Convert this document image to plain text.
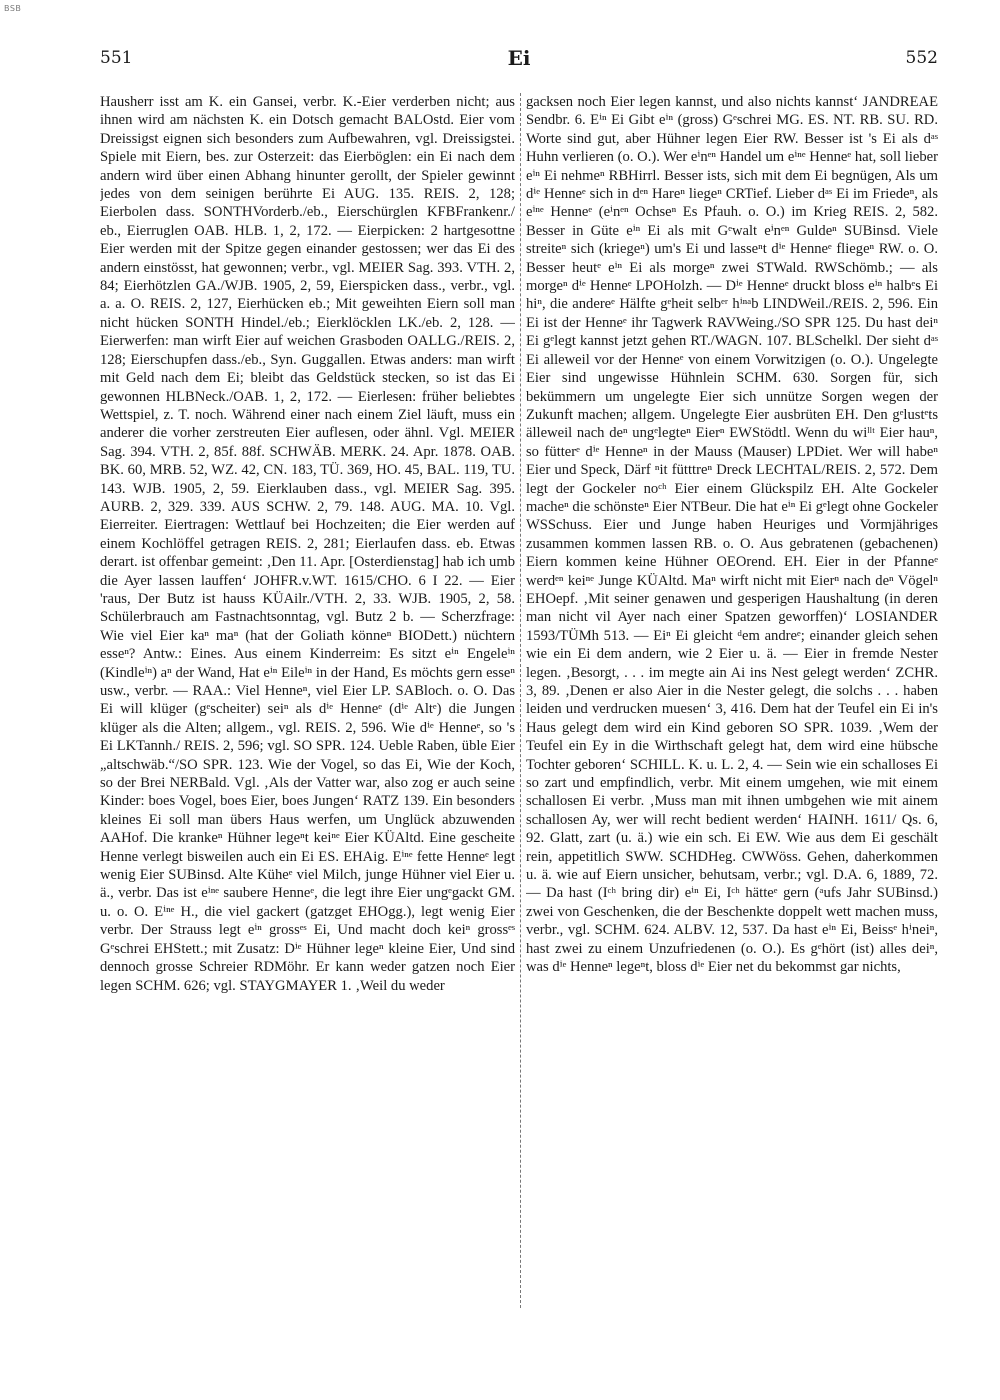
BSB
551	Ei	552

Hausherr isst am K. ein Gansei, verbr. K.-Eier verderben nicht; aus ihnen wird am nächsten K. ein Dotsch gemacht BALOstd. Eier vom Dreissigst eignen sich besonders zum Aufbewahren, vgl. Dreissigstei. Spiele mit Eiern, bes. zur Osterzeit: das Eierböglen: ein Ei nach dem andern wird über einen Abhang hinunter gerollt, der Spieler gewinnt jedes von dem seinigen berührte Ei AUG. 135. REIS. 2, 128; Eierbolen dass. SONTHVorderb./eb., Eierschürglen KFBFrankenr./ eb., Eierruglen OAB. HLB. 1, 2, 172. — Eierpicken: 2 hartgesottne Eier werden mit der Spitze gegen einander gestossen; wer das Ei des andern einstösst, hat gewonnen; verbr., vgl. MEIER Sag. 393. VTH. 2, 84; Eierhötzlen GA./WJB. 1905, 2, 59, Eierspicken dass., verbr., vgl. a. a. O. REIS. 2, 127, Eierhücken eb.; Mit geweihten Eiern soll man nicht hücken SONTH Hindel./eb.; Eierklöcklen LK./eb. 2, 128. — Eierwerfen: man wirft Eier auf weichen Grasboden OALLG./REIS. 2, 128; Eierschupfen dass./eb., Syn. Guggallen. Etwas anders: man wirft mit Geld nach dem Ei; bleibt das Geldstück stecken, so ist das Ei gewonnen HLBNeck./OAB. 1, 2, 172. — Eierlesen: früher beliebtes Wettspiel, z. T. noch. Während einer nach einem Ziel läuft, muss ein anderer die vorher zerstreuten Eier auflesen, oder ähnl. Vgl. MEIER Sag. 394. VTH. 2, 85f. 88f. SCHWÄB. MERK. 24. Apr. 1878. OAB. BK. 60, MRB. 52, WZ. 42, CN. 183, TÜ. 369, HO. 45, BAL. 119, TU. 143. WJB. 1905, 2, 59. Eierklauben dass., vgl. MEIER Sag. 395. AURB. 2, 329. 339. AUS SCHW. 2, 79. 148. AUG. MA. 10. Vgl. Eierreiter. Eiertragen: Wettlauf bei Hochzeiten; die Eier werden auf einem Kochlöffel getragen REIS. 2, 281; Eierlaufen dass. eb. Etwas derart. ist offenbar gemeint: ‚Den 11. Apr. [Osterdienstag] hab ich umb die Ayer lassen lauffen‘ JOHFR.v.WT. 1615/CHO. 6 I 22. — Eier 'raus, Der Butz ist hauss KÜAilr./VTH. 2, 33. WJB. 1905, 2, 58. Schülerbrauch am Fastnachtsonntag, vgl. Butz 2 b. — Scherzfrage: Wie viel Eier kaⁿ maⁿ (hat der Goliath könneⁿ BIODett.) nüchtern esseⁿ? Antw.: Eines. Aus einem Kinderreim: Es sitzt eⁱⁿ Engeleⁱⁿ (Kindleⁱⁿ) aⁿ der Wand, Hat eⁱⁿ Eileⁱⁿ in der Hand, Es möchts gern esseⁿ usw., verbr. — RAA.: Viel Henneⁿ, viel Eier LP. SABloch. o. O. Das Ei will klüger (gᵉscheiter) seiⁿ als dⁱᵉ Henneᵉ (dⁱᵉ Altᵉ) die Jungen klüger als die Alten; allgem., vgl. REIS. 2, 596. Wie dⁱᵉ Henneᵉ, so 's Ei LKTannh./ REIS. 2, 596; vgl. SO SPR. 124. Ueble Raben, üble Eier „altschwäb.“/SO SPR. 123. Wie der Vogel, so das Ei, Wie der Koch, so der Brei NERBald. Vgl. ‚Als der Vatter war, also zog er auch seine Kinder: boes Vogel, boes Eier, boes Jungen‘ RATZ 139. Ein besonders kleines Ei soll man übers Haus werfen, um Unglück abzuwenden AAHof. Die krankeⁿ Hühner legeⁿt keiⁿᵉ Eier KÜAltd. Eine gescheite Henne verlegt bisweilen auch ein Ei ES. EHAig. Eⁱⁿᵉ fette Henneᵉ legt wenig Eier SUBinsd. Alte Küheᵉ viel Milch, junge Hühner viel Eier u. ä., verbr. Das ist eⁱⁿᵉ saubere Henneᵉ, die legt ihre Eier ungᵉgackt GM. u. o. O. Eⁱⁿᵉ H., die viel gackert (gatzget EHOgg.), legt wenig Eier verbr. Der Strauss legt eⁱⁿ grossᵉˢ Ei, Und macht doch keiⁿ grossᵉˢ Gᵉschrei EHStett.; mit Zusatz: Dⁱᵉ Hühner legeⁿ kleine Eier, Und sind dennoch grosse Schreier RDMöhr. Er kann weder gatzen noch Eier legen SCHM. 626; vgl. STAYGMAYER 1. ‚Weil du weder

gacksen noch Eier legen kannst, und also nichts kannst‘ JANDREAE Sendbr. 6. Eⁱⁿ Ei Gibt eⁱⁿ (gross) Gᵉschrei MG. ES. NT. RB. SU. RD. Worte sind gut, aber Hühner legen Eier RW. Besser ist 's Ei als dᵃˢ Huhn verlieren (o. O.). Wer eⁱnᵉⁿ Handel um eⁱⁿᵉ Henneᵉ hat, soll lieber eⁱⁿ Ei nehmeⁿ RBHirrl. Besser ists, sich mit dem Ei begnügen, Als um dⁱᵉ Henneᵉ sich in dᵉⁿ Hareⁿ liegeⁿ CRTief. Lieber dᵃˢ Ei im Friedeⁿ, als eⁱⁿᵉ Henneᵉ (eⁱnᵉⁿ Ochseⁿ Es Pfauh. o. O.) im Krieg REIS. 2, 582. Besser in Güte eⁱⁿ Ei als mit Gᵉwalt eⁱnᵉⁿ Guldeⁿ SUBinsd. Viele streiteⁿ sich (kriegeⁿ) um's Ei und lasseⁿt dⁱᵉ Henneᵉ fliegeⁿ RW. o. O. Besser heutᵉ eⁱⁿ Ei als morgeⁿ zwei STWald. RWSchömb.; — als morgeⁿ dⁱᵉ Henneᵉ LPOHolzh. — Dⁱᵉ Henneᵉ druckt bloss eⁱⁿ halbᵉs Ei hiⁿ, die andereᵉ Hälfte gᵉheit selbᵉʳ hⁱⁿᵃb LINDWeil./REIS. 2, 596. Ein Ei ist der Henneᵉ ihr Tagwerk RAVWeing./SO SPR 125. Du hast deiⁿ Ei gᵉlegt kannst jetzt gehen RT./WAGN. 107. BLSchelkl. Der sieht dᵃˢ Ei alleweil vor der Henneᵉ von einem Vorwitzigen (o. O.). Ungelegte Eier sind ungewisse Hühnlein SCHM. 630. Sorgen für, sich bekümmern um ungelegte Eier sich unnütze Sorgen wegen der Zukunft machen; allgem. Ungelegte Eier ausbrüten EH. Den gᵉlustᵉts älleweil nach deⁿ ungᵉlegteⁿ Eierⁿ EWStödtl. Wenn du wiˡˡᵗ Eier hauⁿ, so fütterᵉ dⁱᵉ Henneⁿ in der Mauss (Mauser) LPDiet. Wer will habeⁿ Eier und Speck, Därf ⁿit fütttreⁿ Dreck LECHTAL/REIS. 2, 572. Dem legt der Gockeler noᶜʰ Eier einem Glückspilz EH. Alte Gockeler macheⁿ die schönsteⁿ Eier NTBeur. Die hat eⁱⁿ Ei gᵉlegt ohne Gockeler WSSchuss. Eier und Junge haben Heuriges und Vormjähriges zusammen kommen lassen RB. o. O. Aus gebratenen (gebachenen) Eiern kommen keine Hühner OEOrend. EH. Eier in der Pfanneᵉ werdᵉⁿ keiⁿᵉ Junge KÜAltd. Maⁿ wirft nicht mit Eierⁿ nach deⁿ Vögelⁿ EHOepf. ‚Mit seiner genawen und gesperigen Haushaltung (in deren man nicht vil Ayer nach einer Spatzen geworffen)‘ LOSIANDER 1593/TÜMh 513. — Eiⁿ Ei gleicht ᵈem andreᵉ; einander gleich sehen wie ein Ei dem andern, wie 2 Eier u. ä. — Eier in fremde Nester legen. ‚Besorgt, . . . im megte ain Ai ins Nest gelegt werden‘ ZCHR. 3, 89. ‚Denen er also Aier in die Nester gelegt, die solchs . . . haben leiden und verdrucken muesen‘ 3, 416. Dem hat der Teufel ein Ei in's Haus gelegt dem wird ein Kind geboren SO SPR. 1039. ‚Wem der Teufel ein Ey in die Wirthschaft gelegt hat, dem wird eine hübsche Tochter geboren‘ SCHILL. K. u. L. 2, 4. — Sein wie ein schalloses Ei so zart und empfindlich, verbr. Mit einem umgehen, wie mit einem schallosen Ei verbr. ‚Muss man mit ihnen umbgehen wie mit ainem schallosen Ay, wer will recht bedient werden‘ HAINH. 1611/ Qs. 6, 92. Glatt, zart (u. ä.) wie ein sch. Ei EW. Wie aus dem Ei geschält rein, appetitlich SWW. SCHDHeg. CWWöss. Gehen, daherkommen u. ä. wie auf Eiern unsicher, behutsam, verbr.; vgl. D.A. 6, 1889, 72. — Da hast (Iᶜʰ bring dir) eⁱⁿ Ei, Iᶜʰ hätteᵉ gern (ᵃufs Jahr SUBinsd.) zwei von Geschenken, die der Beschenkte doppelt wett machen muss, verbr., vgl. SCHM. 624. ALBV. 12, 537. Da hast eⁱⁿ Ei, Beissᵉ hⁱneiⁿ, hast zwei zu einem Unzufriedenen (o. O.). Es gᵉhört (ist) alles deiⁿ, was dⁱᵉ Henneⁿ legeⁿt, bloss dⁱᵉ Eier net du bekommst gar nichts,
